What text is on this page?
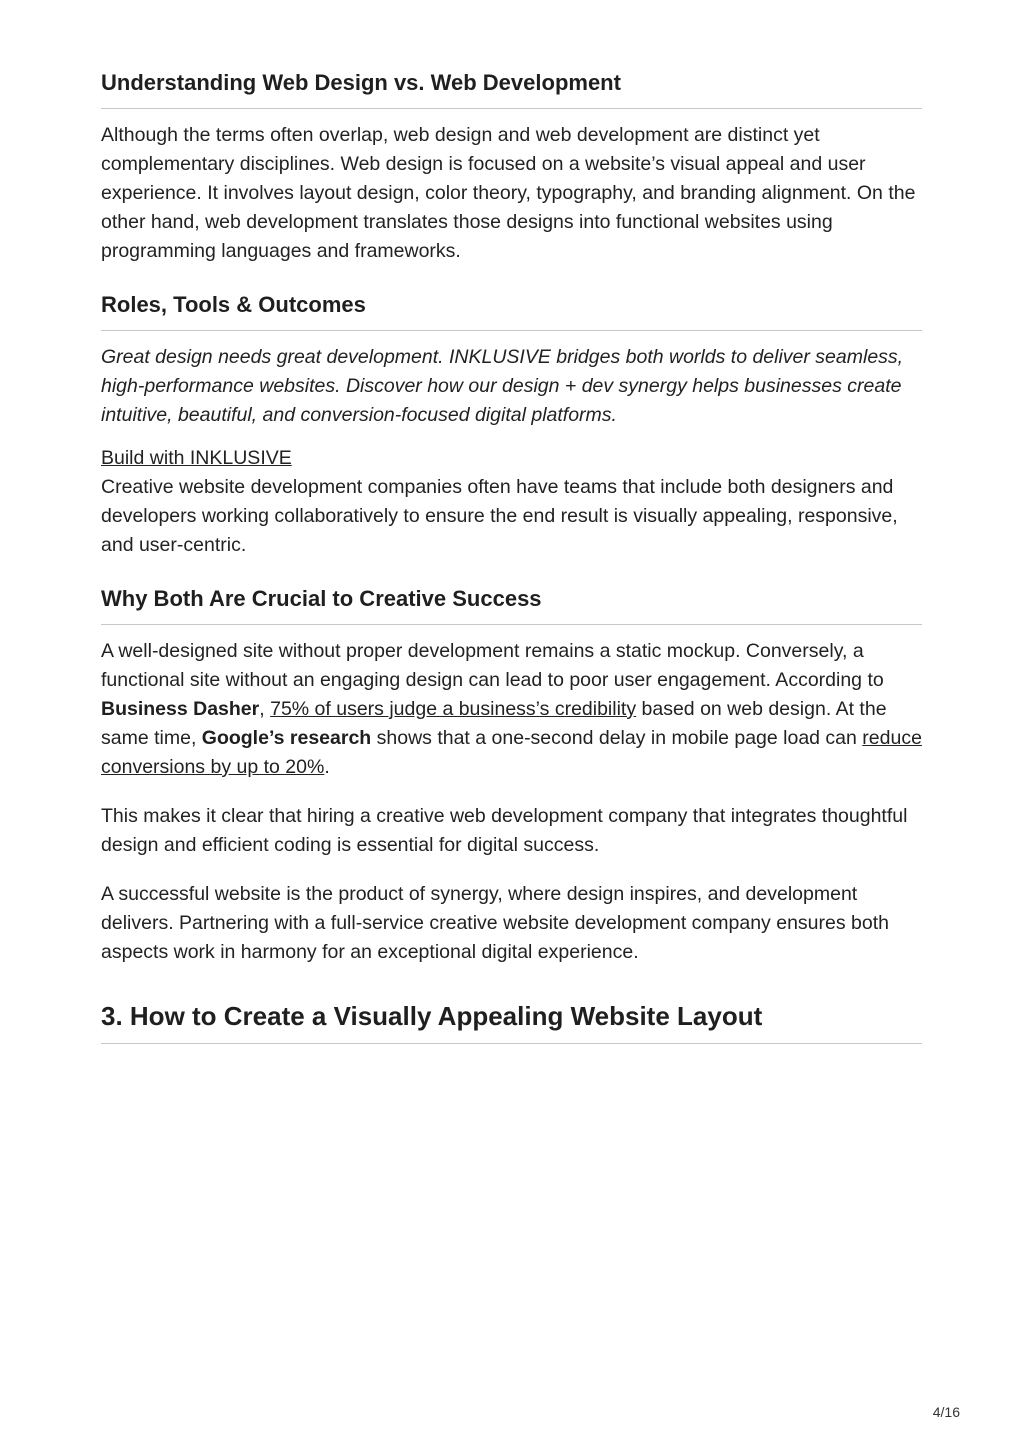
Understanding Web Design vs. Web Development

Although the terms often overlap, web design and web development are distinct yet complementary disciplines. Web design is focused on a website’s visual appeal and user experience. It involves layout design, color theory, typography, and branding alignment. On the other hand, web development translates those designs into functional websites using programming languages and frameworks.

Roles, Tools & Outcomes

Great design needs great development. INKLUSIVE bridges both worlds to deliver seamless, high-performance websites. Discover how our design + dev synergy helps businesses create intuitive, beautiful, and conversion-focused digital platforms.

Build with INKLUSIVE

Creative website development companies often have teams that include both designers and developers working collaboratively to ensure the end result is visually appealing, responsive, and user-centric.

Why Both Are Crucial to Creative Success

A well-designed site without proper development remains a static mockup. Conversely, a functional site without an engaging design can lead to poor user engagement. According to Business Dasher, 75% of users judge a business’s credibility based on web design. At the same time, Google’s research shows that a one-second delay in mobile page load can reduce conversions by up to 20%.

This makes it clear that hiring a creative web development company that integrates thoughtful design and efficient coding is essential for digital success.

A successful website is the product of synergy, where design inspires, and development delivers. Partnering with a full-service creative website development company ensures both aspects work in harmony for an exceptional digital experience.

3. How to Create a Visually Appealing Website Layout
4/16
